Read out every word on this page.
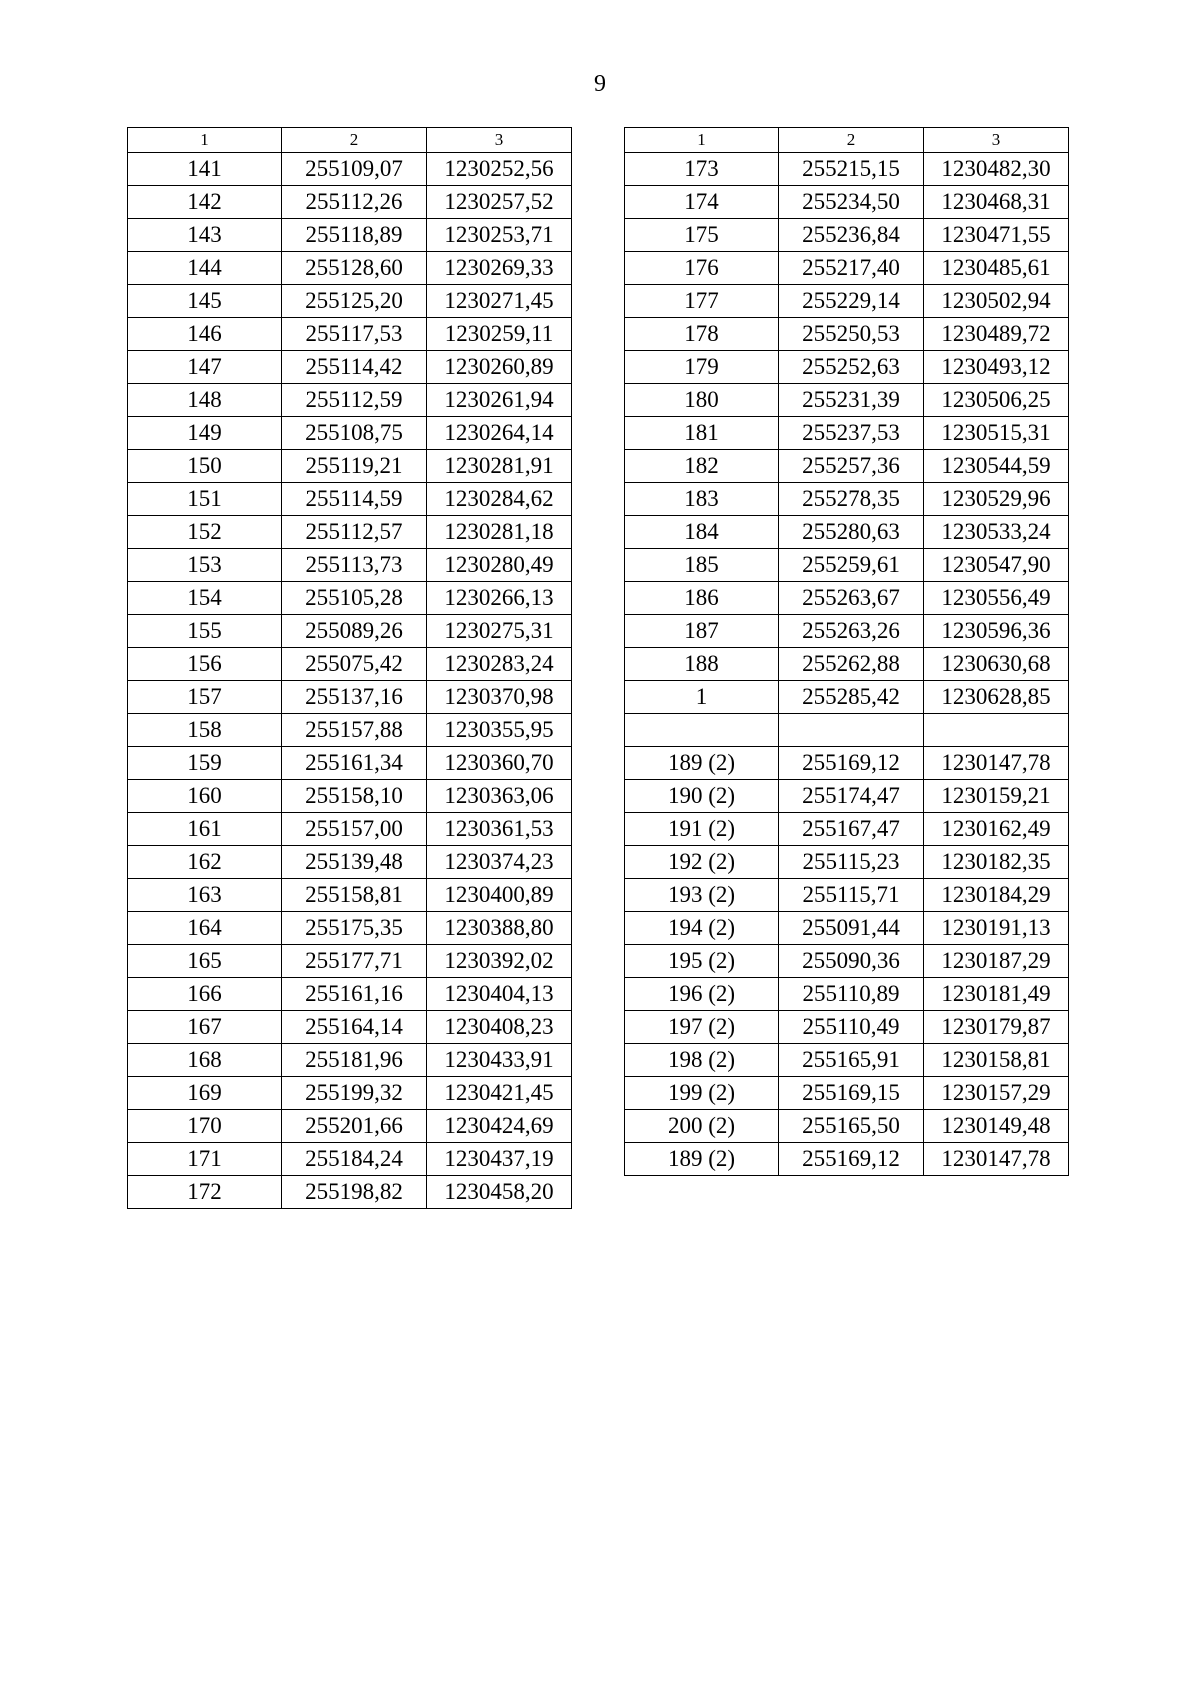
9
1	2	3
141	255109,07	1230252,56
142	255112,26	1230257,52
143	255118,89	1230253,71
144	255128,60	1230269,33
145	255125,20	1230271,45
146	255117,53	1230259,11
147	255114,42	1230260,89
148	255112,59	1230261,94
149	255108,75	1230264,14
150	255119,21	1230281,91
151	255114,59	1230284,62
152	255112,57	1230281,18
153	255113,73	1230280,49
154	255105,28	1230266,13
155	255089,26	1230275,31
156	255075,42	1230283,24
157	255137,16	1230370,98
158	255157,88	1230355,95
159	255161,34	1230360,70
160	255158,10	1230363,06
161	255157,00	1230361,53
162	255139,48	1230374,23
163	255158,81	1230400,89
164	255175,35	1230388,80
165	255177,71	1230392,02
166	255161,16	1230404,13
167	255164,14	1230408,23
168	255181,96	1230433,91
169	255199,32	1230421,45
170	255201,66	1230424,69
171	255184,24	1230437,19
172	255198,82	1230458,20
1	2	3
173	255215,15	1230482,30
174	255234,50	1230468,31
175	255236,84	1230471,55
176	255217,40	1230485,61
177	255229,14	1230502,94
178	255250,53	1230489,72
179	255252,63	1230493,12
180	255231,39	1230506,25
181	255237,53	1230515,31
182	255257,36	1230544,59
183	255278,35	1230529,96
184	255280,63	1230533,24
185	255259,61	1230547,90
186	255263,67	1230556,49
187	255263,26	1230596,36
188	255262,88	1230630,68
1	255285,42	1230628,85

189 (2)	255169,12	1230147,78
190 (2)	255174,47	1230159,21
191 (2)	255167,47	1230162,49
192 (2)	255115,23	1230182,35
193 (2)	255115,71	1230184,29
194 (2)	255091,44	1230191,13
195 (2)	255090,36	1230187,29
196 (2)	255110,89	1230181,49
197 (2)	255110,49	1230179,87
198 (2)	255165,91	1230158,81
199 (2)	255169,15	1230157,29
200 (2)	255165,50	1230149,48
189 (2)	255169,12	1230147,78
